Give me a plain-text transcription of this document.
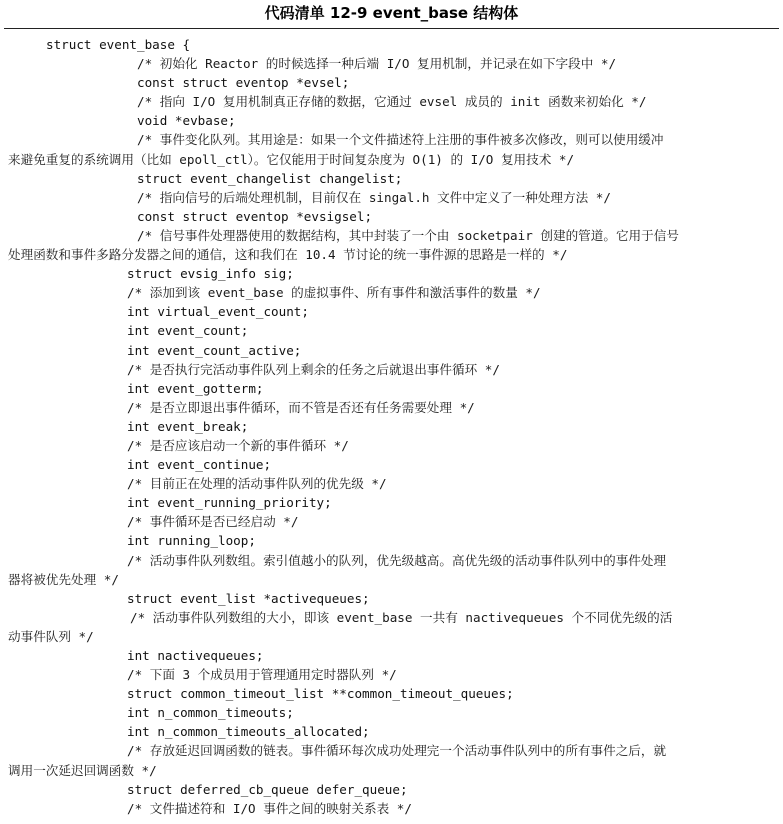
代码清单 12-9 event_base 结构体
struct event_base {
/* 初始化 Reactor 的时候选择一种后端 I/O 复用机制，并记录在如下字段中 */
const struct eventop *evsel;
/* 指向 I/O 复用机制真正存储的数据，它通过 evsel 成员的 init 函数来初始化 */
void *evbase;
/* 事件变化队列。其用途是：如果一个文件描述符上注册的事件被多次修改，则可以使用缓冲
来避免重复的系统调用（比如 epoll_ctl）。它仅能用于时间复杂度为 O(1) 的 I/O 复用技术 */
struct event_changelist changelist;
/* 指向信号的后端处理机制，目前仅在 singal.h 文件中定义了一种处理方法 */
const struct eventop *evsigsel;
/* 信号事件处理器使用的数据结构，其中封装了一个由 socketpair 创建的管道。它用于信号
处理函数和事件多路分发器之间的通信，这和我们在 10.4 节讨论的统一事件源的思路是一样的 */
struct evsig_info sig;
/* 添加到该 event_base 的虚拟事件、所有事件和激活事件的数量 */
int virtual_event_count;
int event_count;
int event_count_active;
/* 是否执行完活动事件队列上剩余的任务之后就退出事件循环 */
int event_gotterm;
/* 是否立即退出事件循环，而不管是否还有任务需要处理 */
int event_break;
/* 是否应该启动一个新的事件循环 */
int event_continue;
/* 目前正在处理的活动事件队列的优先级 */
int event_running_priority;
/* 事件循环是否已经启动 */
int running_loop;
/* 活动事件队列数组。索引值越小的队列，优先级越高。高优先级的活动事件队列中的事件处理
器将被优先处理 */
struct event_list *activequeues;
/* 活动事件队列数组的大小，即该 event_base 一共有 nactivequeues 个不同优先级的活
动事件队列 */
int nactivequeues;
/* 下面 3 个成员用于管理通用定时器队列 */
struct common_timeout_list **common_timeout_queues;
int n_common_timeouts;
int n_common_timeouts_allocated;
/* 存放延迟回调函数的链表。事件循环每次成功处理完一个活动事件队列中的所有事件之后，就
调用一次延迟回调函数 */
struct deferred_cb_queue defer_queue;
/* 文件描述符和 I/O 事件之间的映射关系表 */
